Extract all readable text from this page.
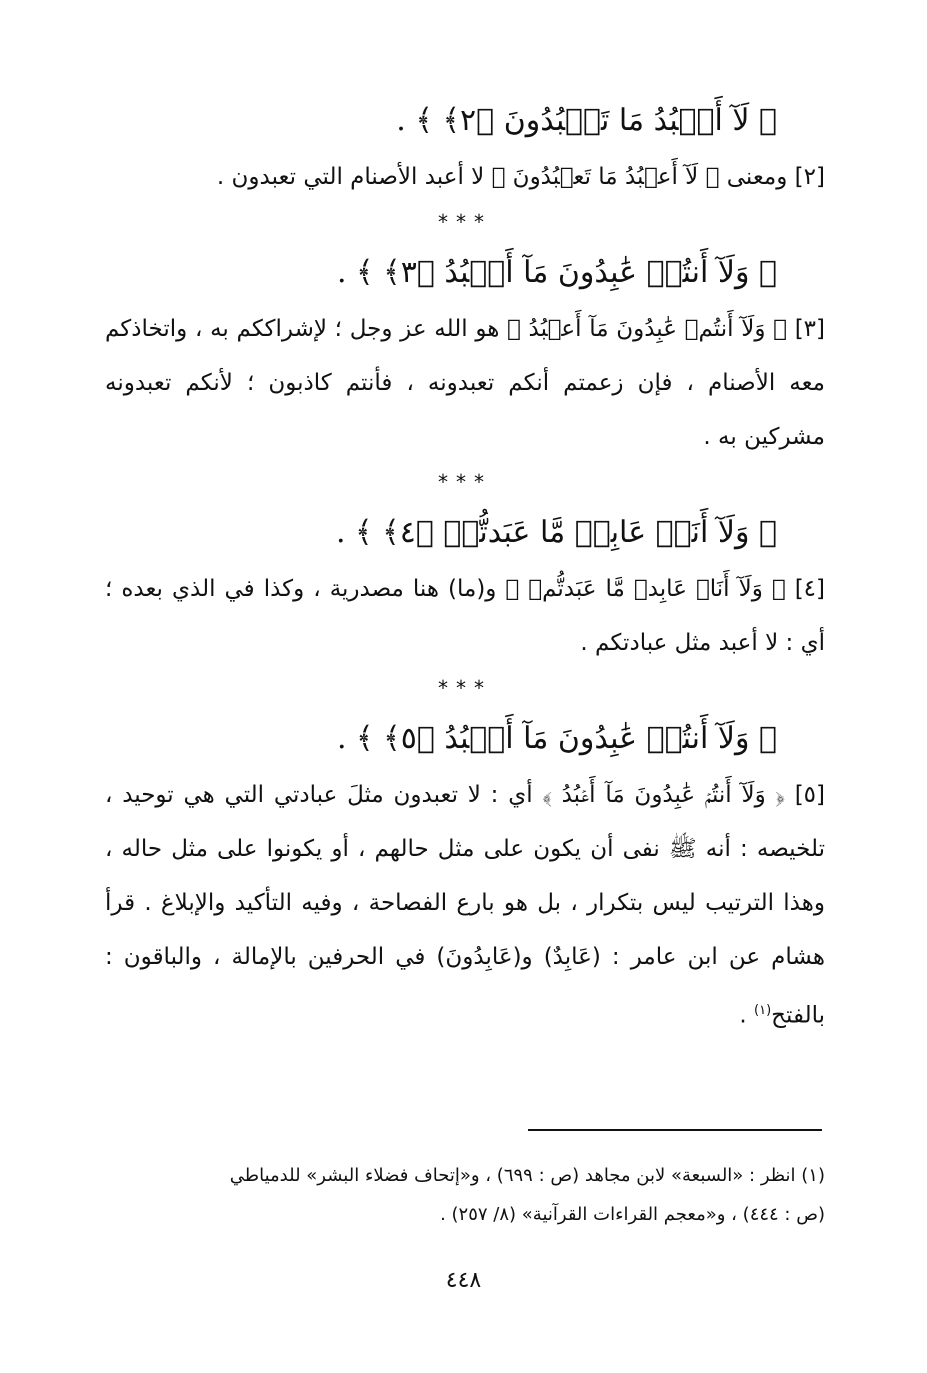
﴿ لَآ أَعۡبُدُ مَا تَعۡبُدُونَ ﴿٢﴾ ﴾ .
[٢] ومعنى ﴿ لَآ أَعۡبُدُ مَا تَعۡبُدُونَ ﴾ لا أعبد الأصنام التي تعبدون .
***
﴿ وَلَآ أَنتُمۡ عَٰبِدُونَ مَآ أَعۡبُدُ ﴿٣﴾ ﴾ .
[٣] ﴿ وَلَآ أَنتُمۡ عَٰبِدُونَ مَآ أَعۡبُدُ ﴾ هو الله عز وجل ؛ لإشراككم به ، واتخاذكم معه الأصنام ، فإن زعمتم أنكم تعبدونه ، فأنتم كاذبون ؛ لأنكم تعبدونه مشركين به .
***
﴿ وَلَآ أَنَا۠ عَابِدٞ مَّا عَبَدتُّمۡ ﴿٤﴾ ﴾ .
[٤] ﴿ وَلَآ أَنَا۠ عَابِدٞ مَّا عَبَدتُّمۡ ﴾ و(ما) هنا مصدرية ، وكذا في الذي بعده ؛ أي : لا أعبد مثل عبادتكم .
***
﴿ وَلَآ أَنتُمۡ عَٰبِدُونَ مَآ أَعۡبُدُ ﴿٥﴾ ﴾ .
[٥] ﴿ وَلَآ أَنتُمۡ عَٰبِدُونَ مَآ أَعۡبُدُ ﴾ أي : لا تعبدون مثلَ عبادتي التي هي توحيد ، تلخيصه : أنه ﷺ نفى أن يكون على مثل حالهم ، أو يكونوا على مثل حاله ، وهذا الترتيب ليس بتكرار ، بل هو بارع الفصاحة ، وفيه التأكيد والإبلاغ . قرأ هشام عن ابن عامر : (عَابِدٌ) و(عَابِدُونَ) في الحرفين بالإمالة ، والباقون : بالفتح$^{(١)}$ .
(١) انظر : «السبعة» لابن مجاهد (ص : ٦٩٩) ، و«إتحاف فضلاء البشر» للدمياطي
(ص : ٤٤٤) ، و«معجم القراءات القرآنية» (٨/ ٢٥٧) .
٤٤٨
